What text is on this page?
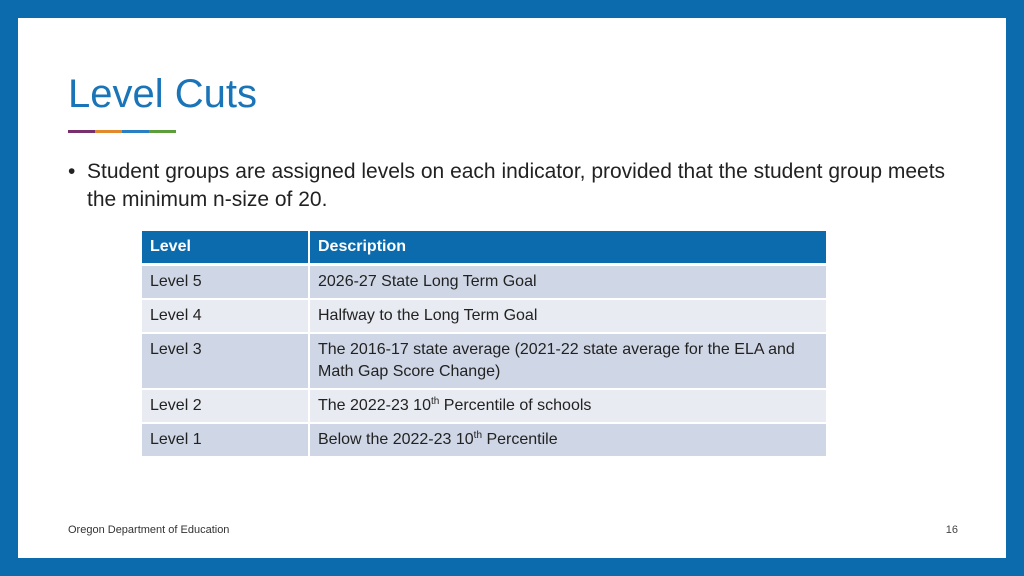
Level Cuts
• Student groups are assigned levels on each indicator, provided that the student group meets the minimum n-size of 20.
Level	Description
Level 5	2026-27 State Long Term Goal
Level 4	Halfway to the Long Term Goal
Level 3	The 2016-17 state average (2021-22 state average for the ELA and Math Gap Score Change)
Level 2	The 2022-23 10th Percentile of schools
Level 1	Below the 2022-23 10th Percentile
Oregon Department of Education	16
